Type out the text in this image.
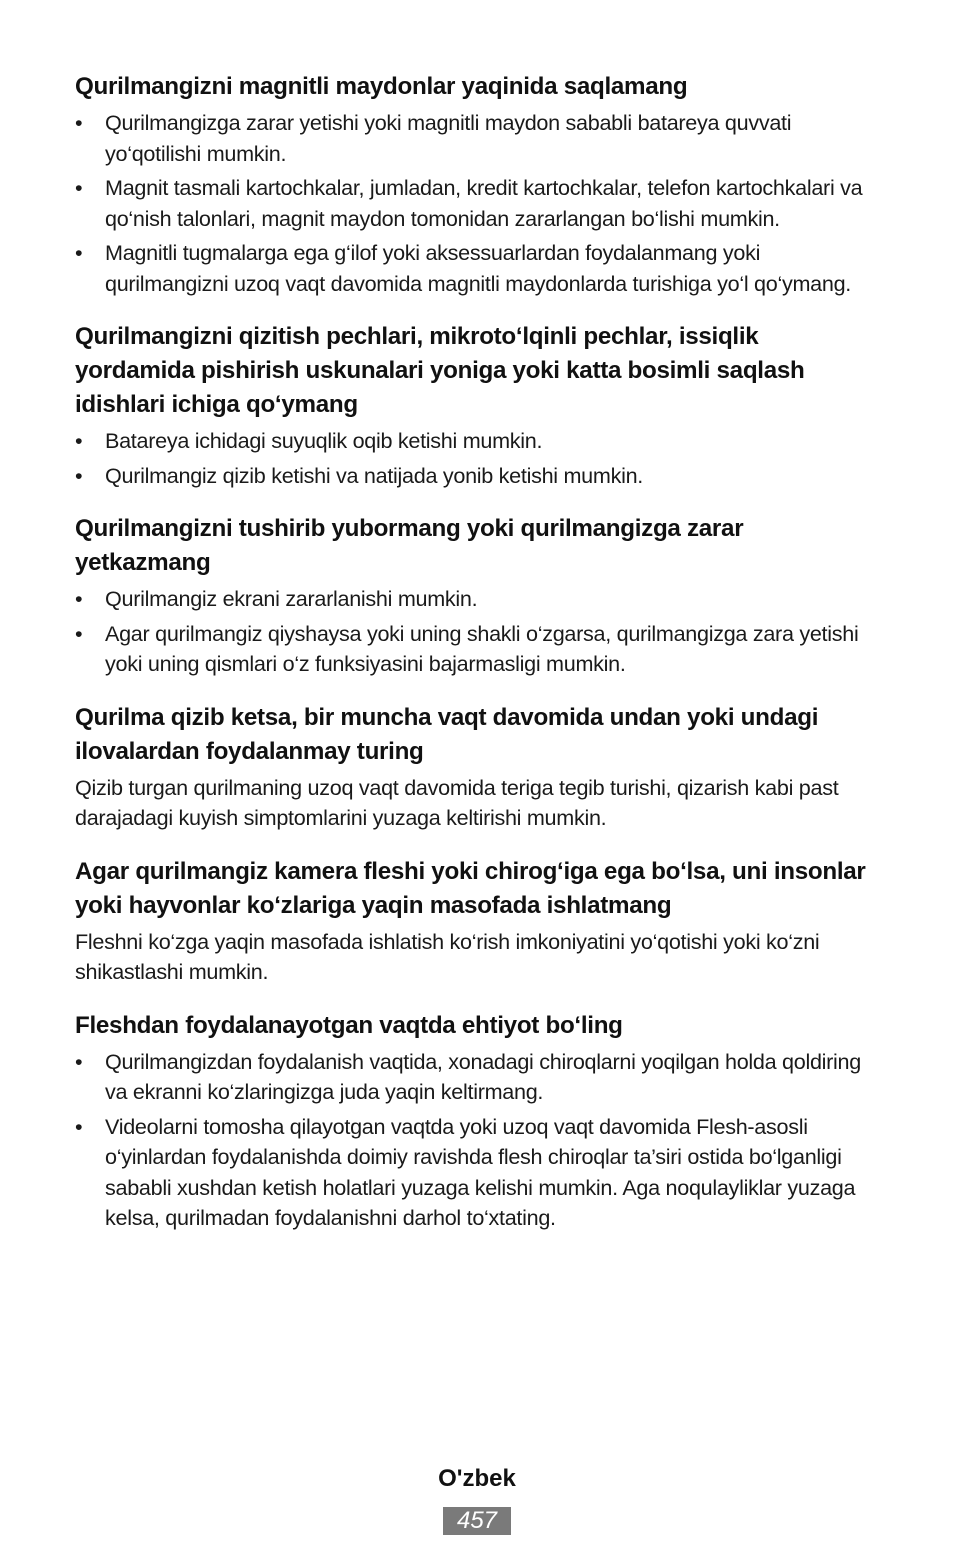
Qurilmangizni magnitli maydonlar yaqinida saqlamang
• Qurilmangizga zarar yetishi yoki magnitli maydon sababli batareya quvvati yo‘qotilishi mumkin.
• Magnit tasmali kartochkalar, jumladan, kredit kartochkalar, telefon kartochkalari va qo‘nish talonlari, magnit maydon tomonidan zararlangan bo‘lishi mumkin.
• Magnitli tugmalarga ega g‘ilof yoki aksessuarlardan foydalanmang yoki qurilmangizni uzoq vaqt davomida magnitli maydonlarda turishiga yo‘l qo‘ymang.
Qurilmangizni qizitish pechlari, mikroto‘lqinli pechlar, issiqlik yordamida pishirish uskunalari yoniga yoki katta bosimli saqlash idishlari ichiga qo‘ymang
• Batareya ichidagi suyuqlik oqib ketishi mumkin.
• Qurilmangiz qizib ketishi va natijada yonib ketishi mumkin.
Qurilmangizni tushirib yubormang yoki qurilmangizga zarar yetkazmang
• Qurilmangiz ekrani zararlanishi mumkin.
• Agar qurilmangiz qiyshaysa yoki uning shakli o‘zgarsa, qurilmangizga zara yetishi yoki uning qismlari o‘z funksiyasini bajarmasligi mumkin.
Qurilma qizib ketsa, bir muncha vaqt davomida undan yoki undagi ilovalardan foydalanmay turing

Qizib turgan qurilmaning uzoq vaqt davomida teriga tegib turishi, qizarish kabi past darajadagi kuyish simptomlarini yuzaga keltirishi mumkin.

Agar qurilmangiz kamera fleshi yoki chirog‘iga ega bo‘lsa, uni insonlar yoki hayvonlar ko‘zlariga yaqin masofada ishlatmang

Fleshni ko‘zga yaqin masofada ishlatish ko‘rish imkoniyatini yo‘qotishi yoki ko‘zni shikastlashi mumkin.

Fleshdan foydalanayotgan vaqtda ehtiyot bo‘ling
• Qurilmangizdan foydalanish vaqtida, xonadagi chiroqlarni yoqilgan holda qoldiring va ekranni ko‘zlaringizga juda yaqin keltirmang.
• Videolarni tomosha qilayotgan vaqtda yoki uzoq vaqt davomida Flesh-asosli o‘yinlardan foydalanishda doimiy ravishda flesh chiroqlar ta’siri ostida bo‘lganligi sababli xushdan ketish holatlari yuzaga kelishi mumkin. Aga noqulayliklar yuzaga kelsa, qurilmadan foydalanishni darhol to‘xtating.
O'zbek
457
